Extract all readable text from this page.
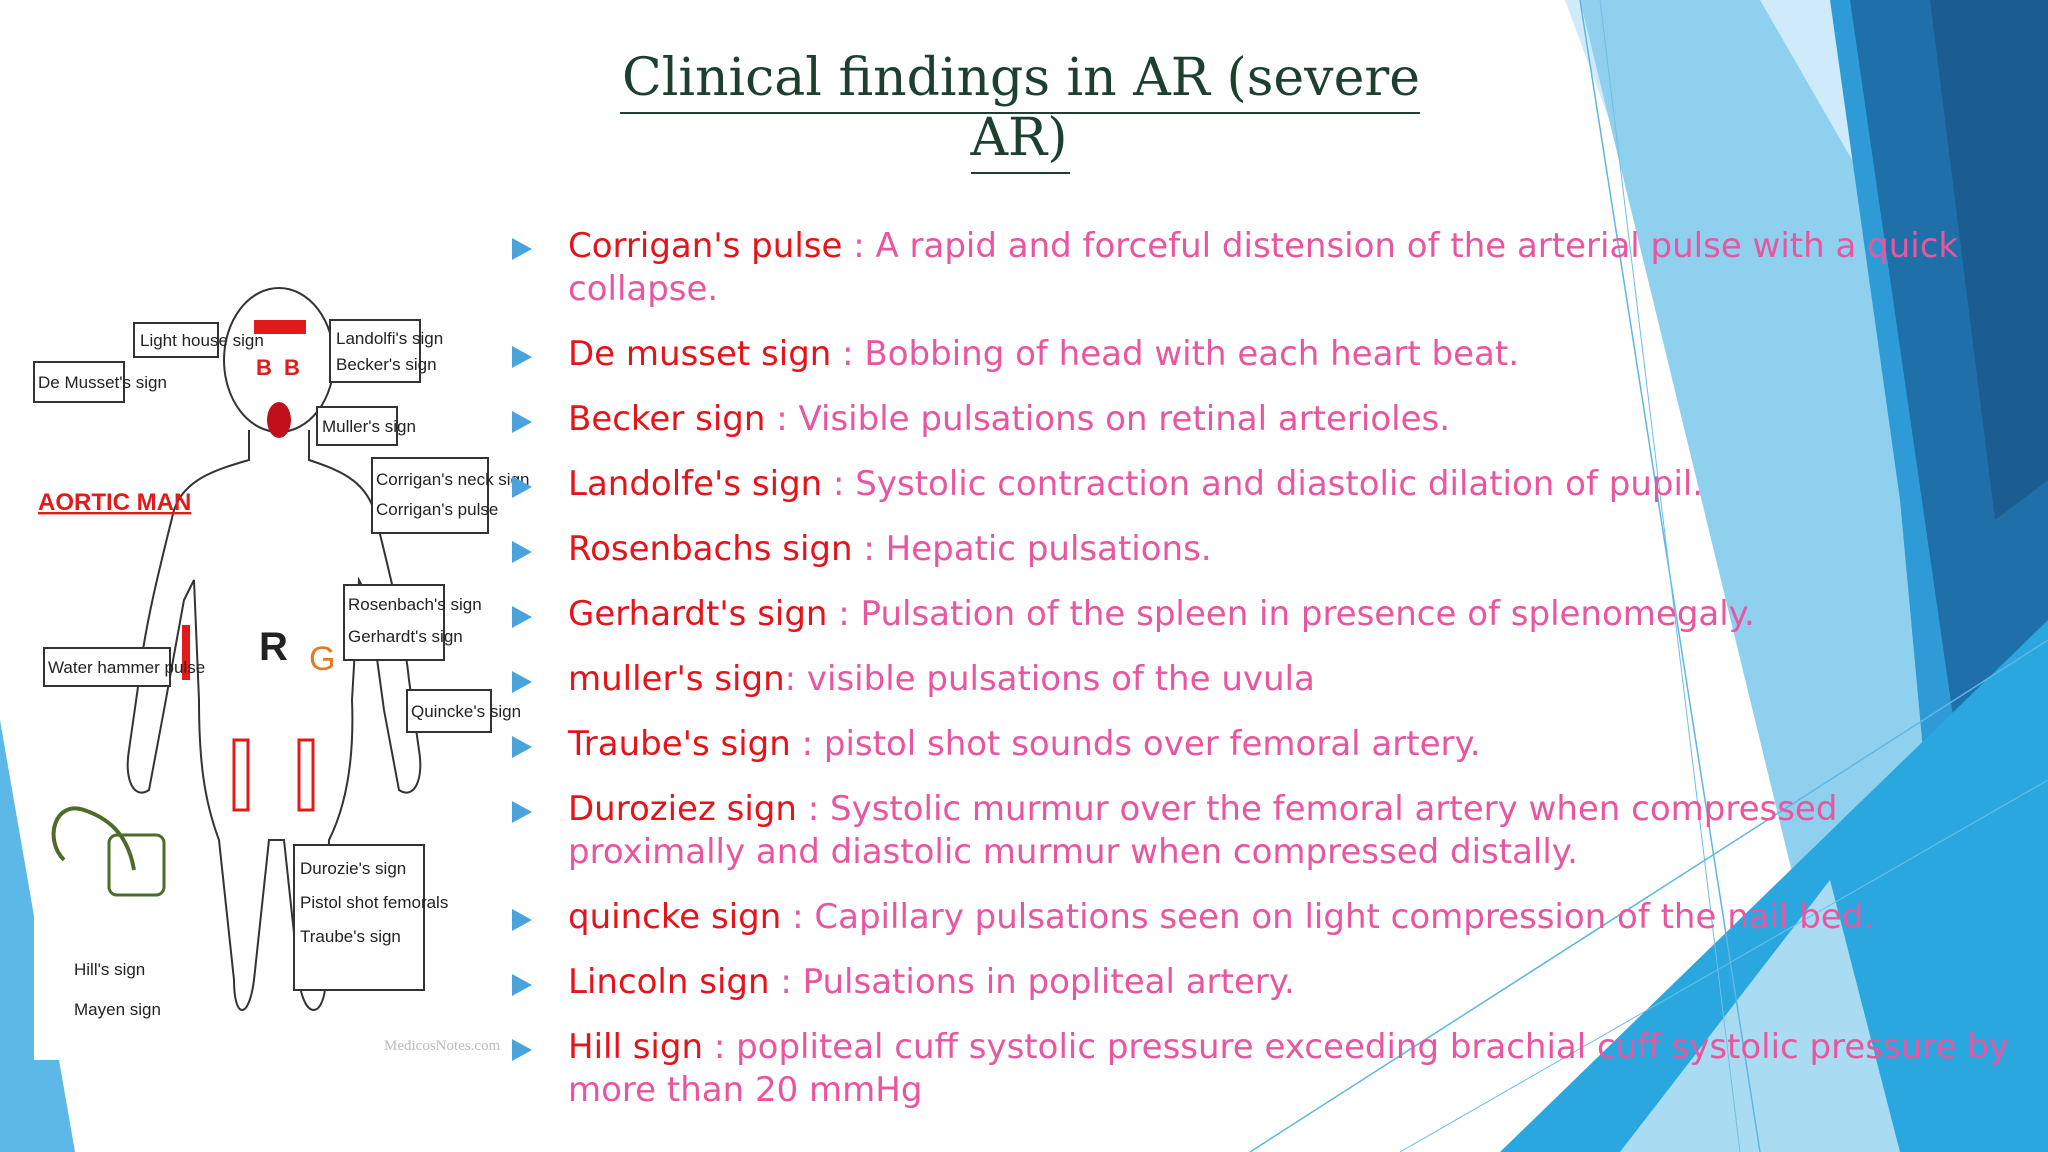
Clinical findings in AR (severe AR)
B B
R G
Light house sign
De Musset's sign
Landolfi's sign
Becker's sign
Muller's sign
Corrigan's neck sign
Corrigan's pulse
Rosenbach's sign
Gerhardt's sign
Water hammer pulse
Quincke's sign
Durozie's sign
Pistol shot femorals
Traube's sign
Hill's sign
Mayen sign
AORTIC MAN
MedicosNotes.com
Corrigan's pulse : A rapid and forceful distension of the arterial pulse with a quick collapse.
De musset sign : Bobbing of head with each heart beat.
Becker sign : Visible pulsations on retinal arterioles.
Landolfe's sign : Systolic contraction and diastolic dilation of pupil.
Rosenbachs sign : Hepatic pulsations.
Gerhardt's sign : Pulsation of the spleen in presence of splenomegaly.
muller's sign: visible pulsations of the uvula
Traube's sign : pistol shot sounds over femoral artery.
Duroziez sign : Systolic murmur over the femoral artery when compressed proximally and diastolic murmur when compressed distally.
quincke sign : Capillary pulsations seen on light compression of the nail bed.
Lincoln sign : Pulsations in popliteal artery.
Hill sign : popliteal cuff systolic pressure exceeding brachial cuff systolic pressure by more than 20 mmHg
